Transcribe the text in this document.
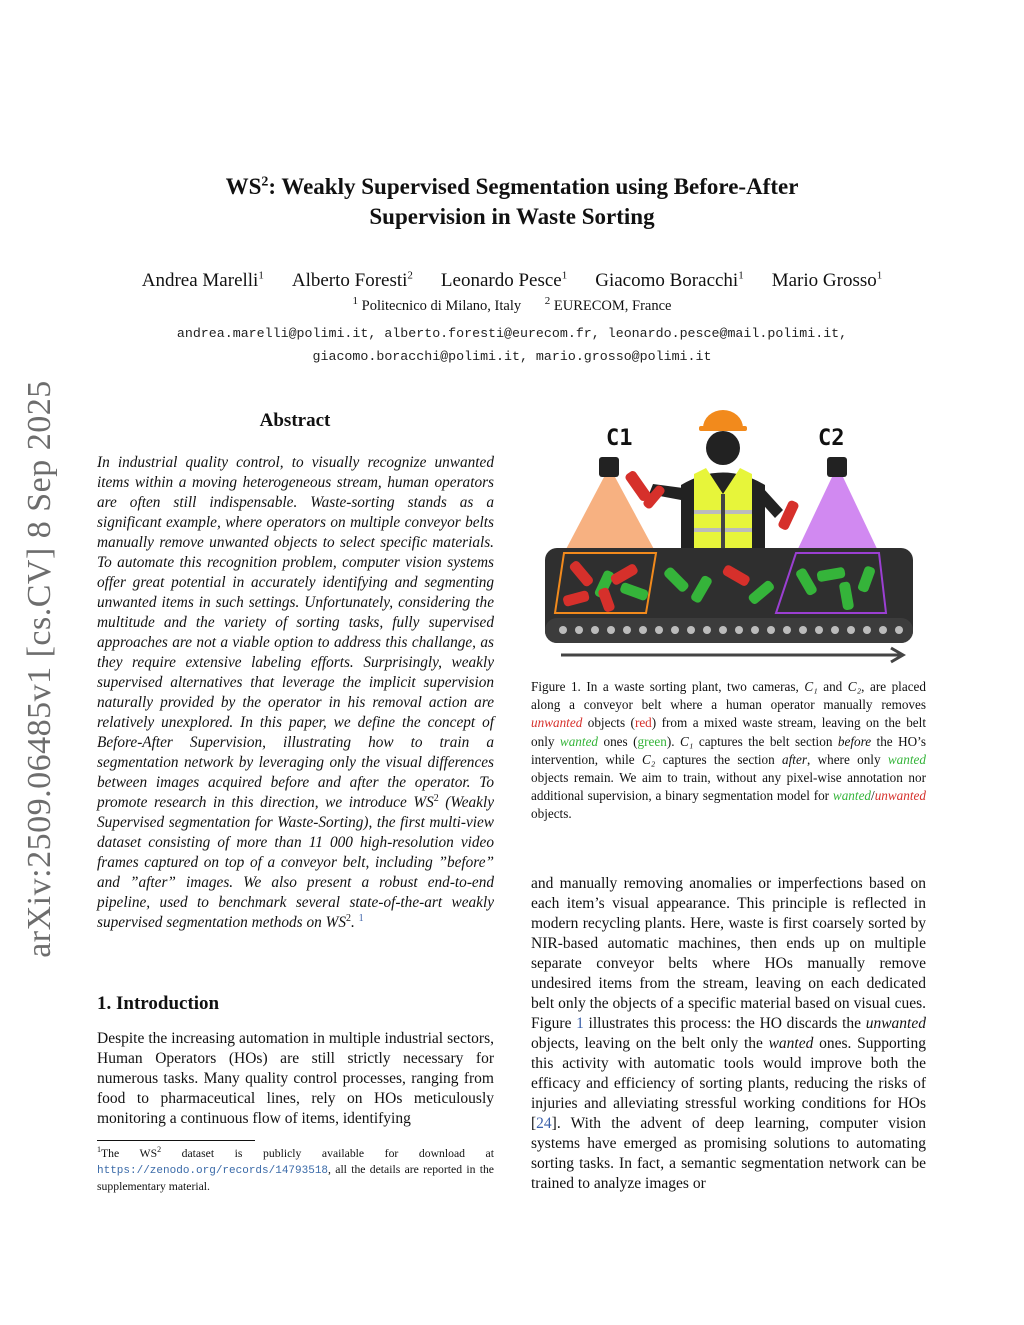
$WS^2$: Weakly Supervised Segmentation using Before-After
Supervision in Waste Sorting
Andrea Marelli$^1$ Alberto Foresti$^2$ Leonardo Pesce$^1$ Giacomo Boracchi$^1$ Mario Grosso$^1$
$^1$ Politecnico di Milano, Italy $^2$ EURECOM, France
andrea.marelli@polimi.it, alberto.foresti@eurecom.fr, leonardo.pesce@mail.polimi.it,
giacomo.boracchi@polimi.it, mario.grosso@polimi.it
arXiv:2509.06485v1 [cs.CV] 8 Sep 2025	Abstract
In industrial quality control, to visually recognize unwanted items within a moving heterogeneous stream, human operators are often still indispensable. Waste-sorting stands as a significant example, where operators on multiple conveyor belts manually remove unwanted objects to select specific materials. To automate this recognition problem, computer vision systems offer great potential in accurately identifying and segmenting unwanted items in such settings. Unfortunately, considering the multitude and the variety of sorting tasks, fully supervised approaches are not a viable option to address this challange, as they require extensive labeling efforts. Surprisingly, weakly supervised alternatives that leverage the implicit supervision naturally provided by the operator in his removal action are relatively unexplored. In this paper, we define the concept of Before-After Supervision, illustrating how to train a segmentation network by leveraging only the visual differences between images acquired before and after the operator. To promote research in this direction, we introduce $WS^2$ (Weakly Supervised segmentation for Waste-Sorting), the first multi-view dataset consisting of more than 11 000 high-resolution video frames captured on top of a conveyor belt, including ”before” and ”after” images. We also present a robust end-to-end pipeline, used to benchmark several state-of-the-art weakly supervised segmentation methods on $WS^2$. $^1$
1. Introduction
Despite the increasing automation in multiple industrial sectors, Human Operators (HOs) are still strictly necessary for numerous tasks. Many quality control processes, ranging from food to pharmaceutical lines, rely on HOs meticulously monitoring a continuous flow of items, identifying
$^1$The $WS^2$ dataset is publicly available for download at https://zenodo.org/records/14793518, all the details are reported in the supplementary material.
C1	C2
Figure 1. In a waste sorting plant, two cameras, C₁ and C₂, are placed along a conveyor belt where a human operator manually removes unwanted objects (red) from a mixed waste stream, leaving on the belt only wanted ones (green). C₁ captures the belt section before the HO’s intervention, while C₂ captures the section after, where only wanted objects remain. We aim to train, without any pixel-wise annotation nor additional supervision, a binary segmentation model for wanted/unwanted objects.
and manually removing anomalies or imperfections based on each item’s visual appearance. This principle is reflected in modern recycling plants. Here, waste is first coarsely sorted by NIR-based automatic machines, then ends up on multiple separate conveyor belts where HOs manually remove undesired items from the stream, leaving on each dedicated belt only the objects of a specific material based on visual cues. Figure 1 illustrates this process: the HO discards the unwanted objects, leaving on the belt only the wanted ones. Supporting this activity with automatic tools would improve both the efficacy and efficiency of sorting plants, reducing the risks of injuries and alleviating stressful working conditions for HOs [24]. With the advent of deep learning, computer vision systems have emerged as promising solutions to automating sorting tasks. In fact, a semantic segmentation network can be trained to analyze images or
